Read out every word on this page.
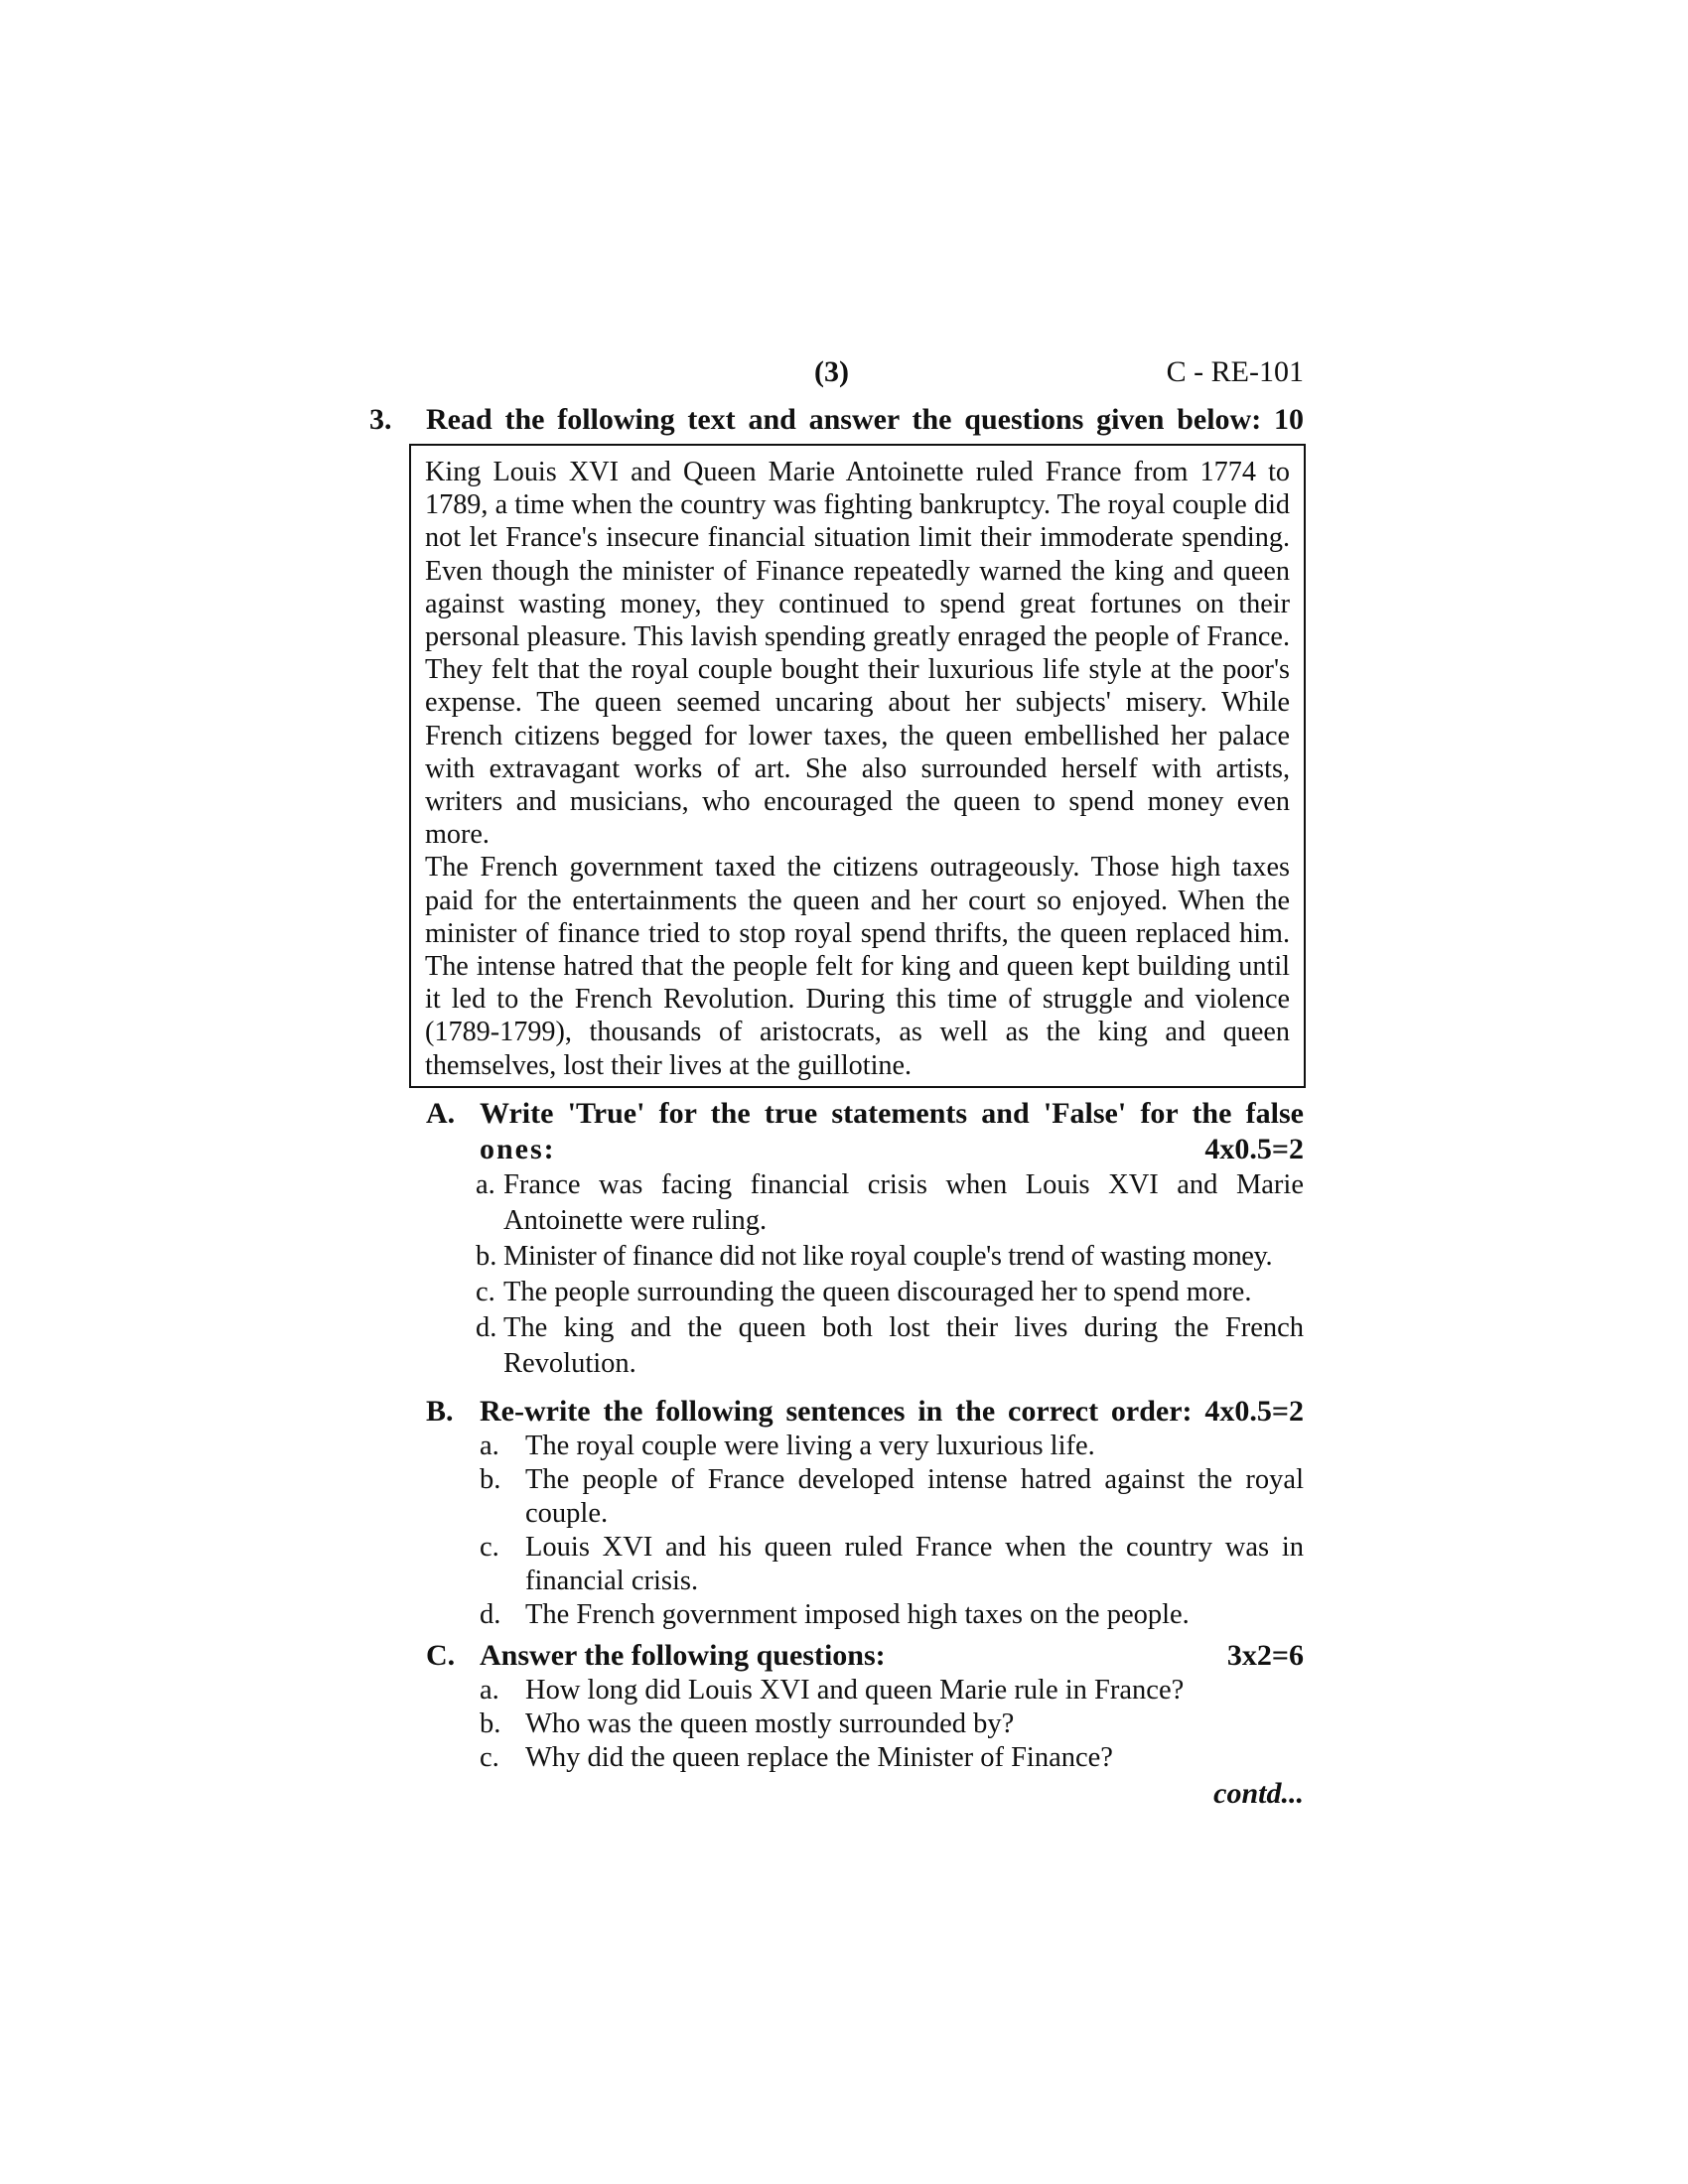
(3)	C - RE-101
3. Read the following text and answer the questions given below: 10

King Louis XVI and Queen Marie Antoinette ruled France from 1774 to 1789, a time when the country was fighting bankruptcy. The royal couple did not let France's insecure financial situation limit their immoderate spending. Even though the minister of Finance repeatedly warned the king and queen against wasting money, they continued to spend great fortunes on their personal pleasure. This lavish spending greatly enraged the people of France. They felt that the royal couple bought their luxurious life style at the poor's expense. The queen seemed uncaring about her subjects' misery. While French citizens begged for lower taxes, the queen embellished her palace with extravagant works of art. She also surrounded herself with artists, writers and musicians, who encouraged the queen to spend money even more.

The French government taxed the citizens outrageously. Those high taxes paid for the entertainments the queen and her court so enjoyed. When the minister of finance tried to stop royal spend thrifts, the queen replaced him. The intense hatred that the people felt for king and queen kept building until it led to the French Revolution. During this time of struggle and violence (1789-1799), thousands of aristocrats, as well as the king and queen themselves, lost their lives at the guillotine.

A. Write 'True' for the true statements and 'False' for the false
ones:	4x0.5=2
a. France was facing financial crisis when Louis XVI and Marie Antoinette were ruling.
b. Minister of finance did not like royal couple's trend of wasting money.
c. The people surrounding the queen discouraged her to spend more.
d. The king and the queen both lost their lives during the French Revolution.
B. Re-write the following sentences in the correct order: 4x0.5=2
a. The royal couple were living a very luxurious life.
b. The people of France developed intense hatred against the royal couple.
c. Louis XVI and his queen ruled France when the country was in financial crisis.
d. The French government imposed high taxes on the people.
C. Answer the following questions:	3x2=6
a. How long did Louis XVI and queen Marie rule in France?
b. Who was the queen mostly surrounded by?
c. Why did the queen replace the Minister of Finance?
contd...
